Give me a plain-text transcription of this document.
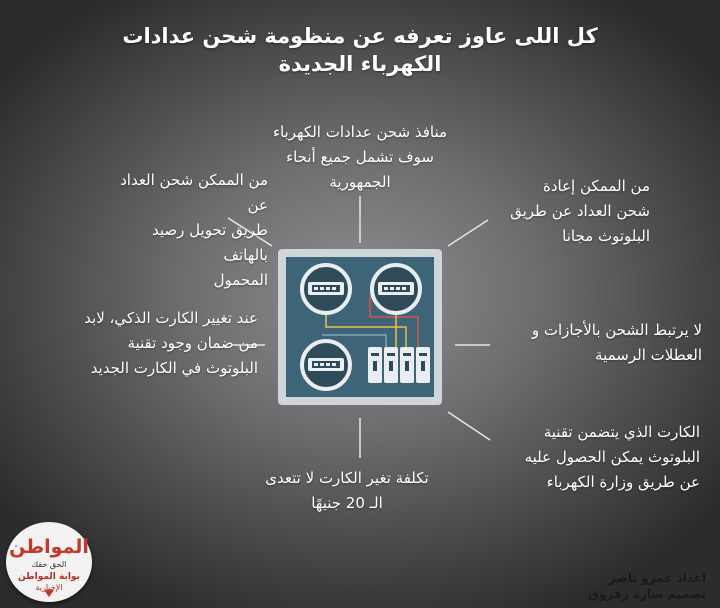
كل اللى عاوز تعرفه عن منظومة شحن عدادات
الكهرباء الجديدة
منافذ شحن عدادات الكهرباء
سوف تشمل جميع أنحاء
الجمهورية
من الممكن شحن العداد عن
طريق تحويل رصيد بالهاتف
المحمول
من الممكن إعادة
شحن العداد عن طريق
البلوتوث مجانا
عند تغيير الكارت الذكي، لابد
من ضمان وجود تقنية
البلوتوث في الكارت الجديد
لا يرتبط الشحن بالأجازات و
العطلات الرسمية
الكارت الذي يتضمن تقنية
البلوتوث يمكن الحصول عليه
عن طريق وزارة الكهرباء
تكلفة تغير الكارت لا تتعدى
الـ 20 جنيهًا
المواطن
الحق حقك
بوابة المواطن
الإخبارية
اعداد عمرو ناصر
تصميم سارة زقزوق
